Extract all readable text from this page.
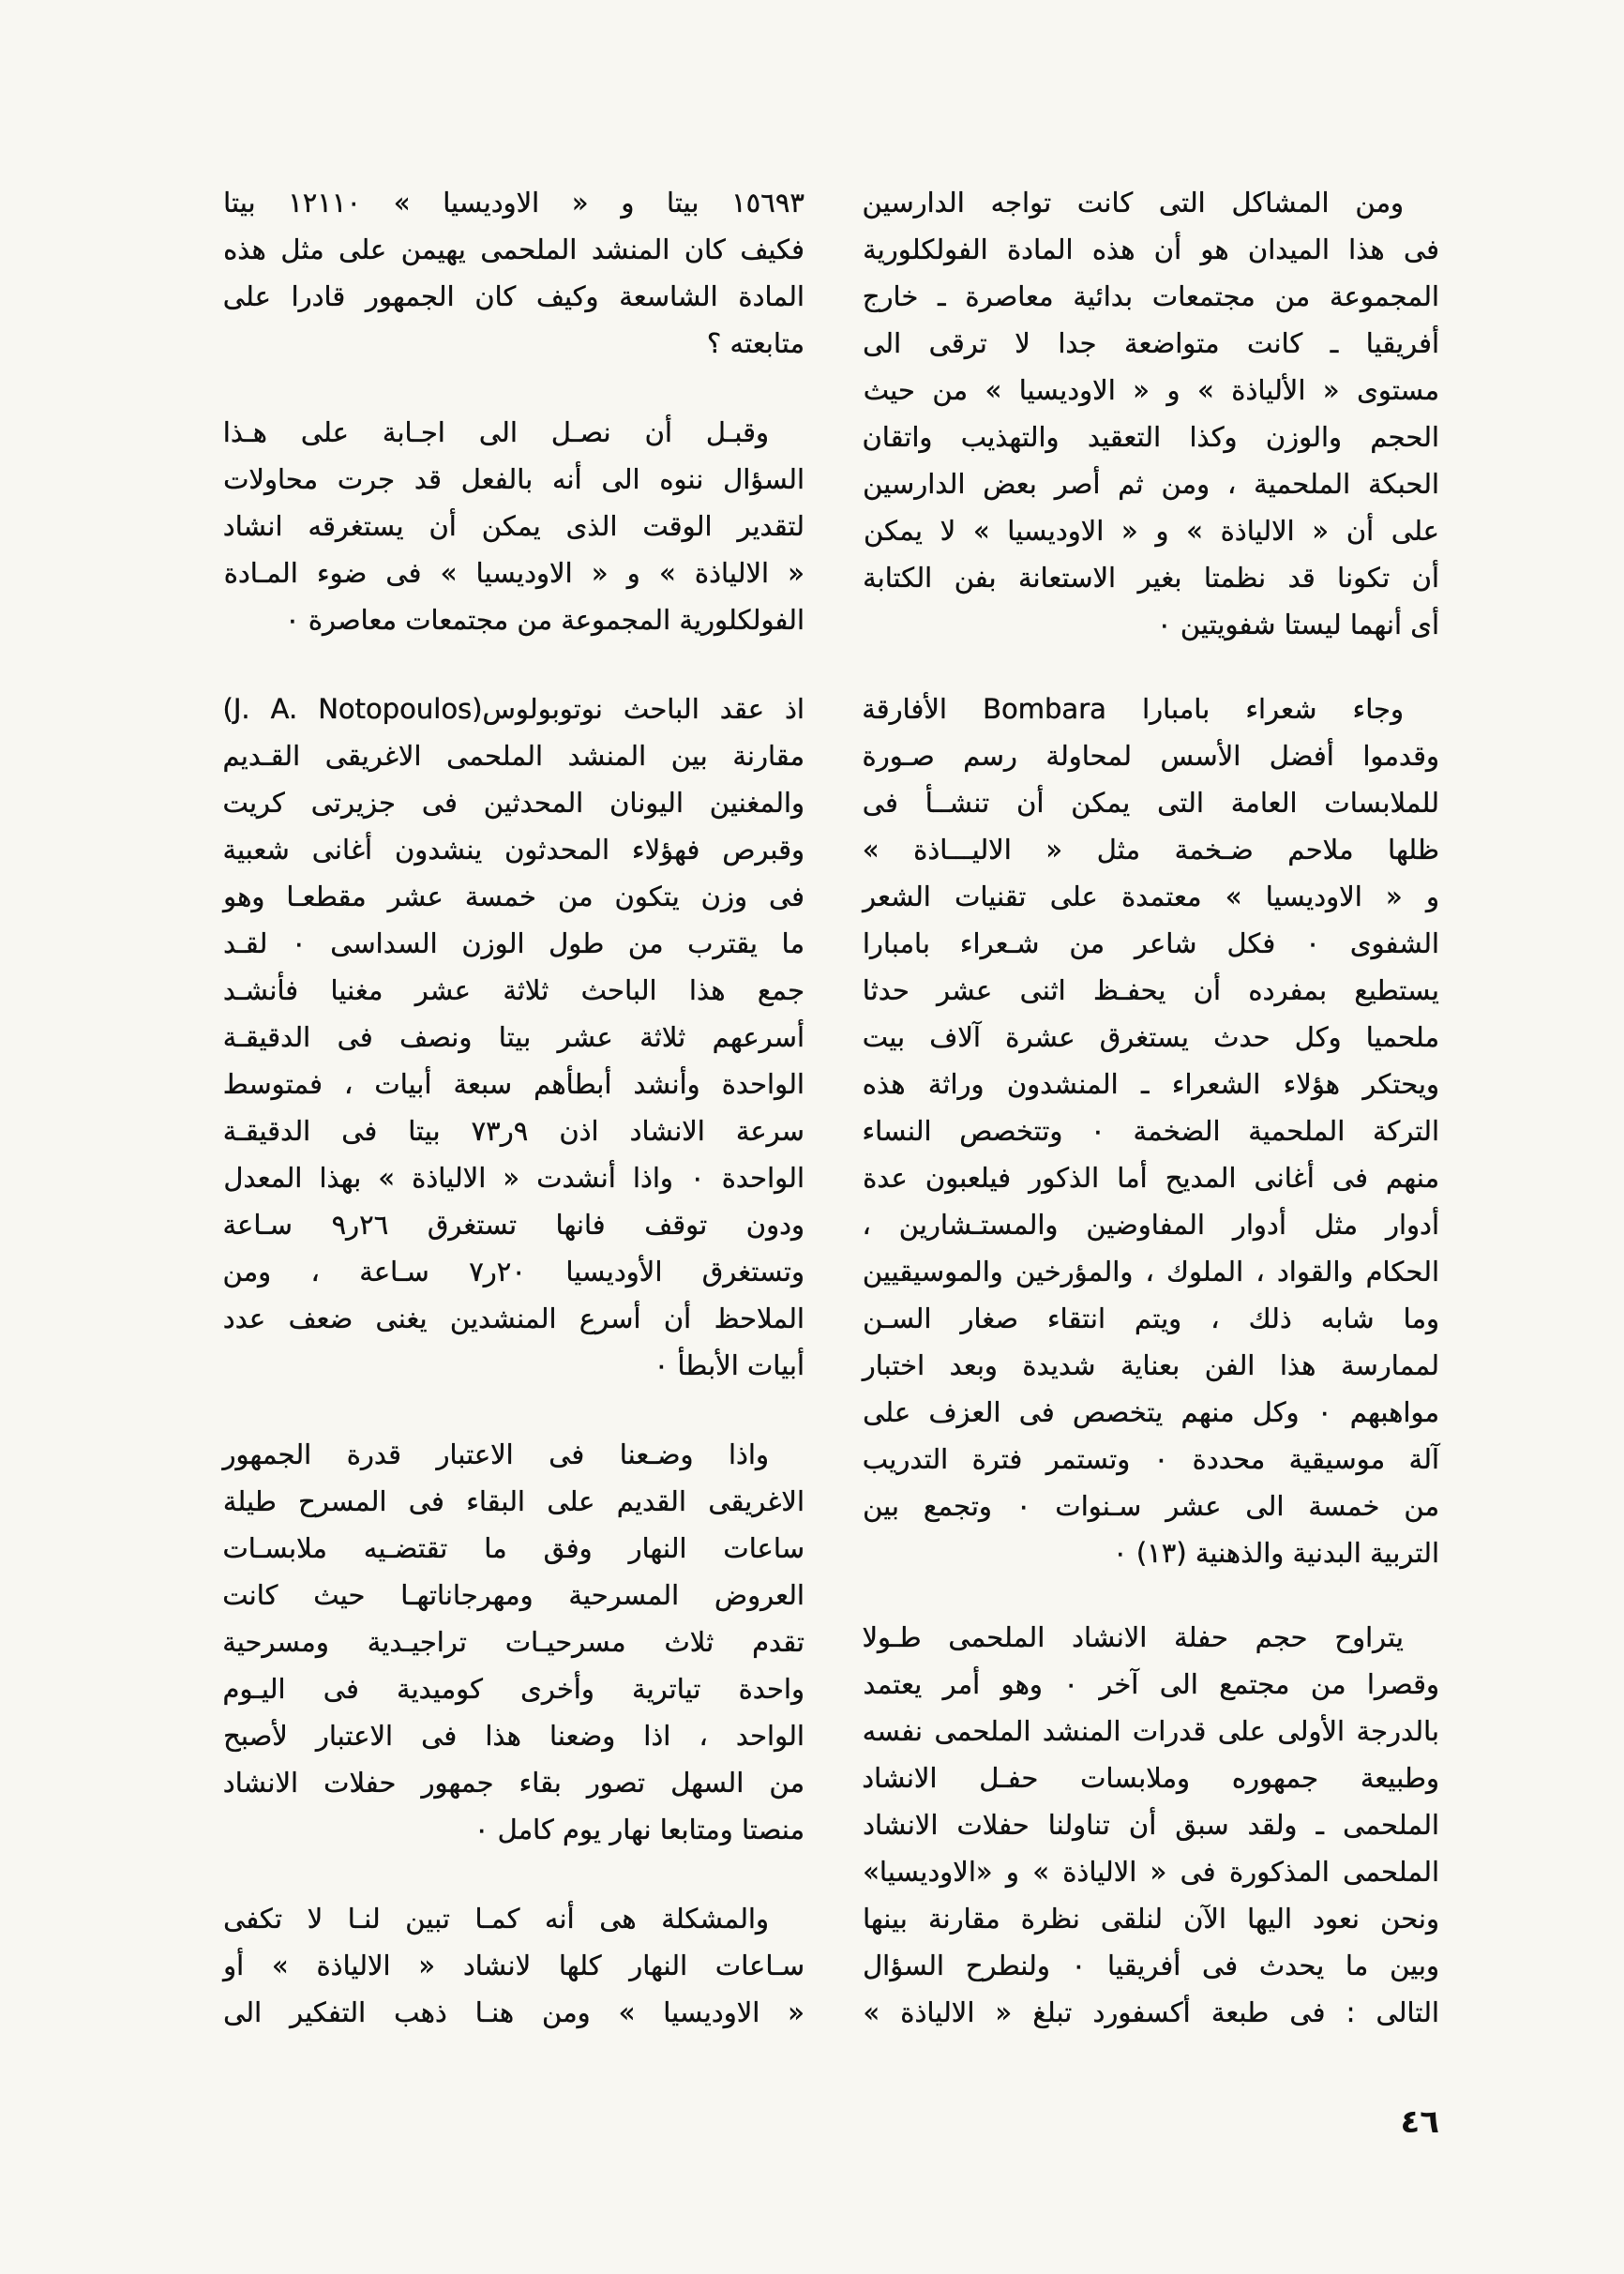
ومن المشاكل التى كانت تواجه الدارسين
فى هذا الميدان هو أن هذه المادة الفولكلورية
المجموعة من مجتمعات بدائية معاصرة ـ خارج
أفريقيا ـ كانت متواضعة جدا لا ترقى الى
مستوى « الألياذة » و « الاوديسيا » من حيث
الحجم والوزن وكذا التعقيد والتهذيب واتقان
الحبكة الملحمية ، ومن ثم أصر بعض الدارسين
على أن « الالياذة » و « الاوديسيا » لا يمكن
أن تكونا قد نظمتا بغير الاستعانة بفن الكتابة
أى أنهما ليستا شفويتين ٠
وجاء شعراء بامبارا Bombara الأفارقة
وقدموا أفضل الأسس لمحاولة رسم صـورة
للملابسات العامة التى يمكن أن تنشــأ فى
ظلها ملاحم ضـخمة مثل « الاليـــاذة »
و « الاوديسيا » معتمدة على تقنيات الشعر
الشفوى ٠ فكل شاعر من شـعراء بامبارا
يستطيع بمفرده أن يحفـظ اثنى عشر حدثا
ملحميا وكل حدث يستغرق عشرة آلاف بيت
ويحتكر هؤلاء الشعراء ـ المنشدون وراثة هذه
التركة الملحمية الضخمة ٠ وتتخصص النساء
منهم فى أغانى المديح أما الذكور فيلعبون عدة
أدوار مثل أدوار المفاوضين والمستـشارين ،
الحكام والقواد ، الملوك ، والمؤرخين والموسيقيين
وما شابه ذلك ، ويتم انتقاء صغار السـن
لممارسة هذا الفن بعناية شديدة وبعد اختبار
مواهبهم ٠ وكل منهم يتخصص فى العزف على
آلة موسيقية محددة ٠ وتستمر فترة التدريب
من خمسة الى عشر سـنوات ٠ وتجمع بين
التربية البدنية والذهنية (١٣) ٠
يتراوح حجم حفلة الانشاد الملحمى طـولا
وقصرا من مجتمع الى آخر ٠ وهو أمر يعتمد
بالدرجة الأولى على قدرات المنشد الملحمى نفسه
وطبيعة جمهوره وملابسات حفـل الانشاد
الملحمى ـ ولقد سبق أن تناولنا حفلات الانشاد
الملحمى المذكورة فى « الالياذة » و «الاوديسيا»
ونحن نعود اليها الآن لنلقى نظرة مقارنة بينها
وبين ما يحدث فى أفريقيا ٠ ولنطرح السؤال
التالى : فى طبعة أكسفورد تبلغ « الالياذة »
١٥٦٩٣ بيتا و « الاوديسيا » ١٢١١٠ بيتا
فكيف كان المنشد الملحمى يهيمن على مثل هذه
المادة الشاسعة وكيف كان الجمهور قادرا على
متابعته ؟
وقبـل أن نصـل الى اجـابة على هـذا
السؤال ننوه الى أنه بالفعل قد جرت محاولات
لتقدير الوقت الذى يمكن أن يستغرقه انشاد
« الالياذة » و « الاوديسيا » فى ضوء المـادة
الفولكلورية المجموعة من مجتمعات معاصرة ٠
اذ عقد الباحث نوتوبولوس(J. A. Notopoulos)
مقارنة بين المنشد الملحمى الاغريقى القـديم
والمغنين اليونان المحدثين فى جزيرتى كريت
وقبرص فهؤلاء المحدثون ينشدون أغانى شعبية
فى وزن يتكون من خمسة عشر مقطعـا وهو
ما يقترب من طول الوزن السداسى ٠ لقـد
جمع هذا الباحث ثلاثة عشر مغنيا فأنشـد
أسرعهم ثلاثة عشر بيتا ونصف فى الدقيقـة
الواحدة وأنشد أبطأهم سبعة أبيات ، فمتوسط
سرعة الانشاد اذن ٩ر٧٣ بيتا فى الدقيقـة
الواحدة ٠ واذا أنشدت « الالياذة » بهذا المعدل
ودون توقف فانها تستغرق ٢٦ر٩ سـاعة
وتستغرق الأوديسيا ٢٠ر٧ سـاعة ، ومن
الملاحظ أن أسرع المنشدين يغنى ضعف عدد
أبيات الأبطأ ٠
واذا وضـعنا فى الاعتبار قدرة الجمهور
الاغريقى القديم على البقاء فى المسرح طيلة
ساعات النهار وفق ما تقتضـيه ملابسـات
العروض المسرحية ومهرجاناتهـا حيث كانت
تقدم ثلاث مسرحيـات تراجيـدية ومسرحية
واحدة تياترية وأخرى كوميدية فى اليـوم
الواحد ، اذا وضعنا هذا فى الاعتبار لأصبح
من السهل تصور بقاء جمهور حفلات الانشاد
منصتا ومتابعا نهار يوم كامل ٠
والمشكلة هى أنه كمـا تبين لنـا لا تكفى
سـاعات النهار كلها لانشاد « الالياذة » أو
« الاوديسيا » ومن هنـا ذهب التفكير الى
٤٦
